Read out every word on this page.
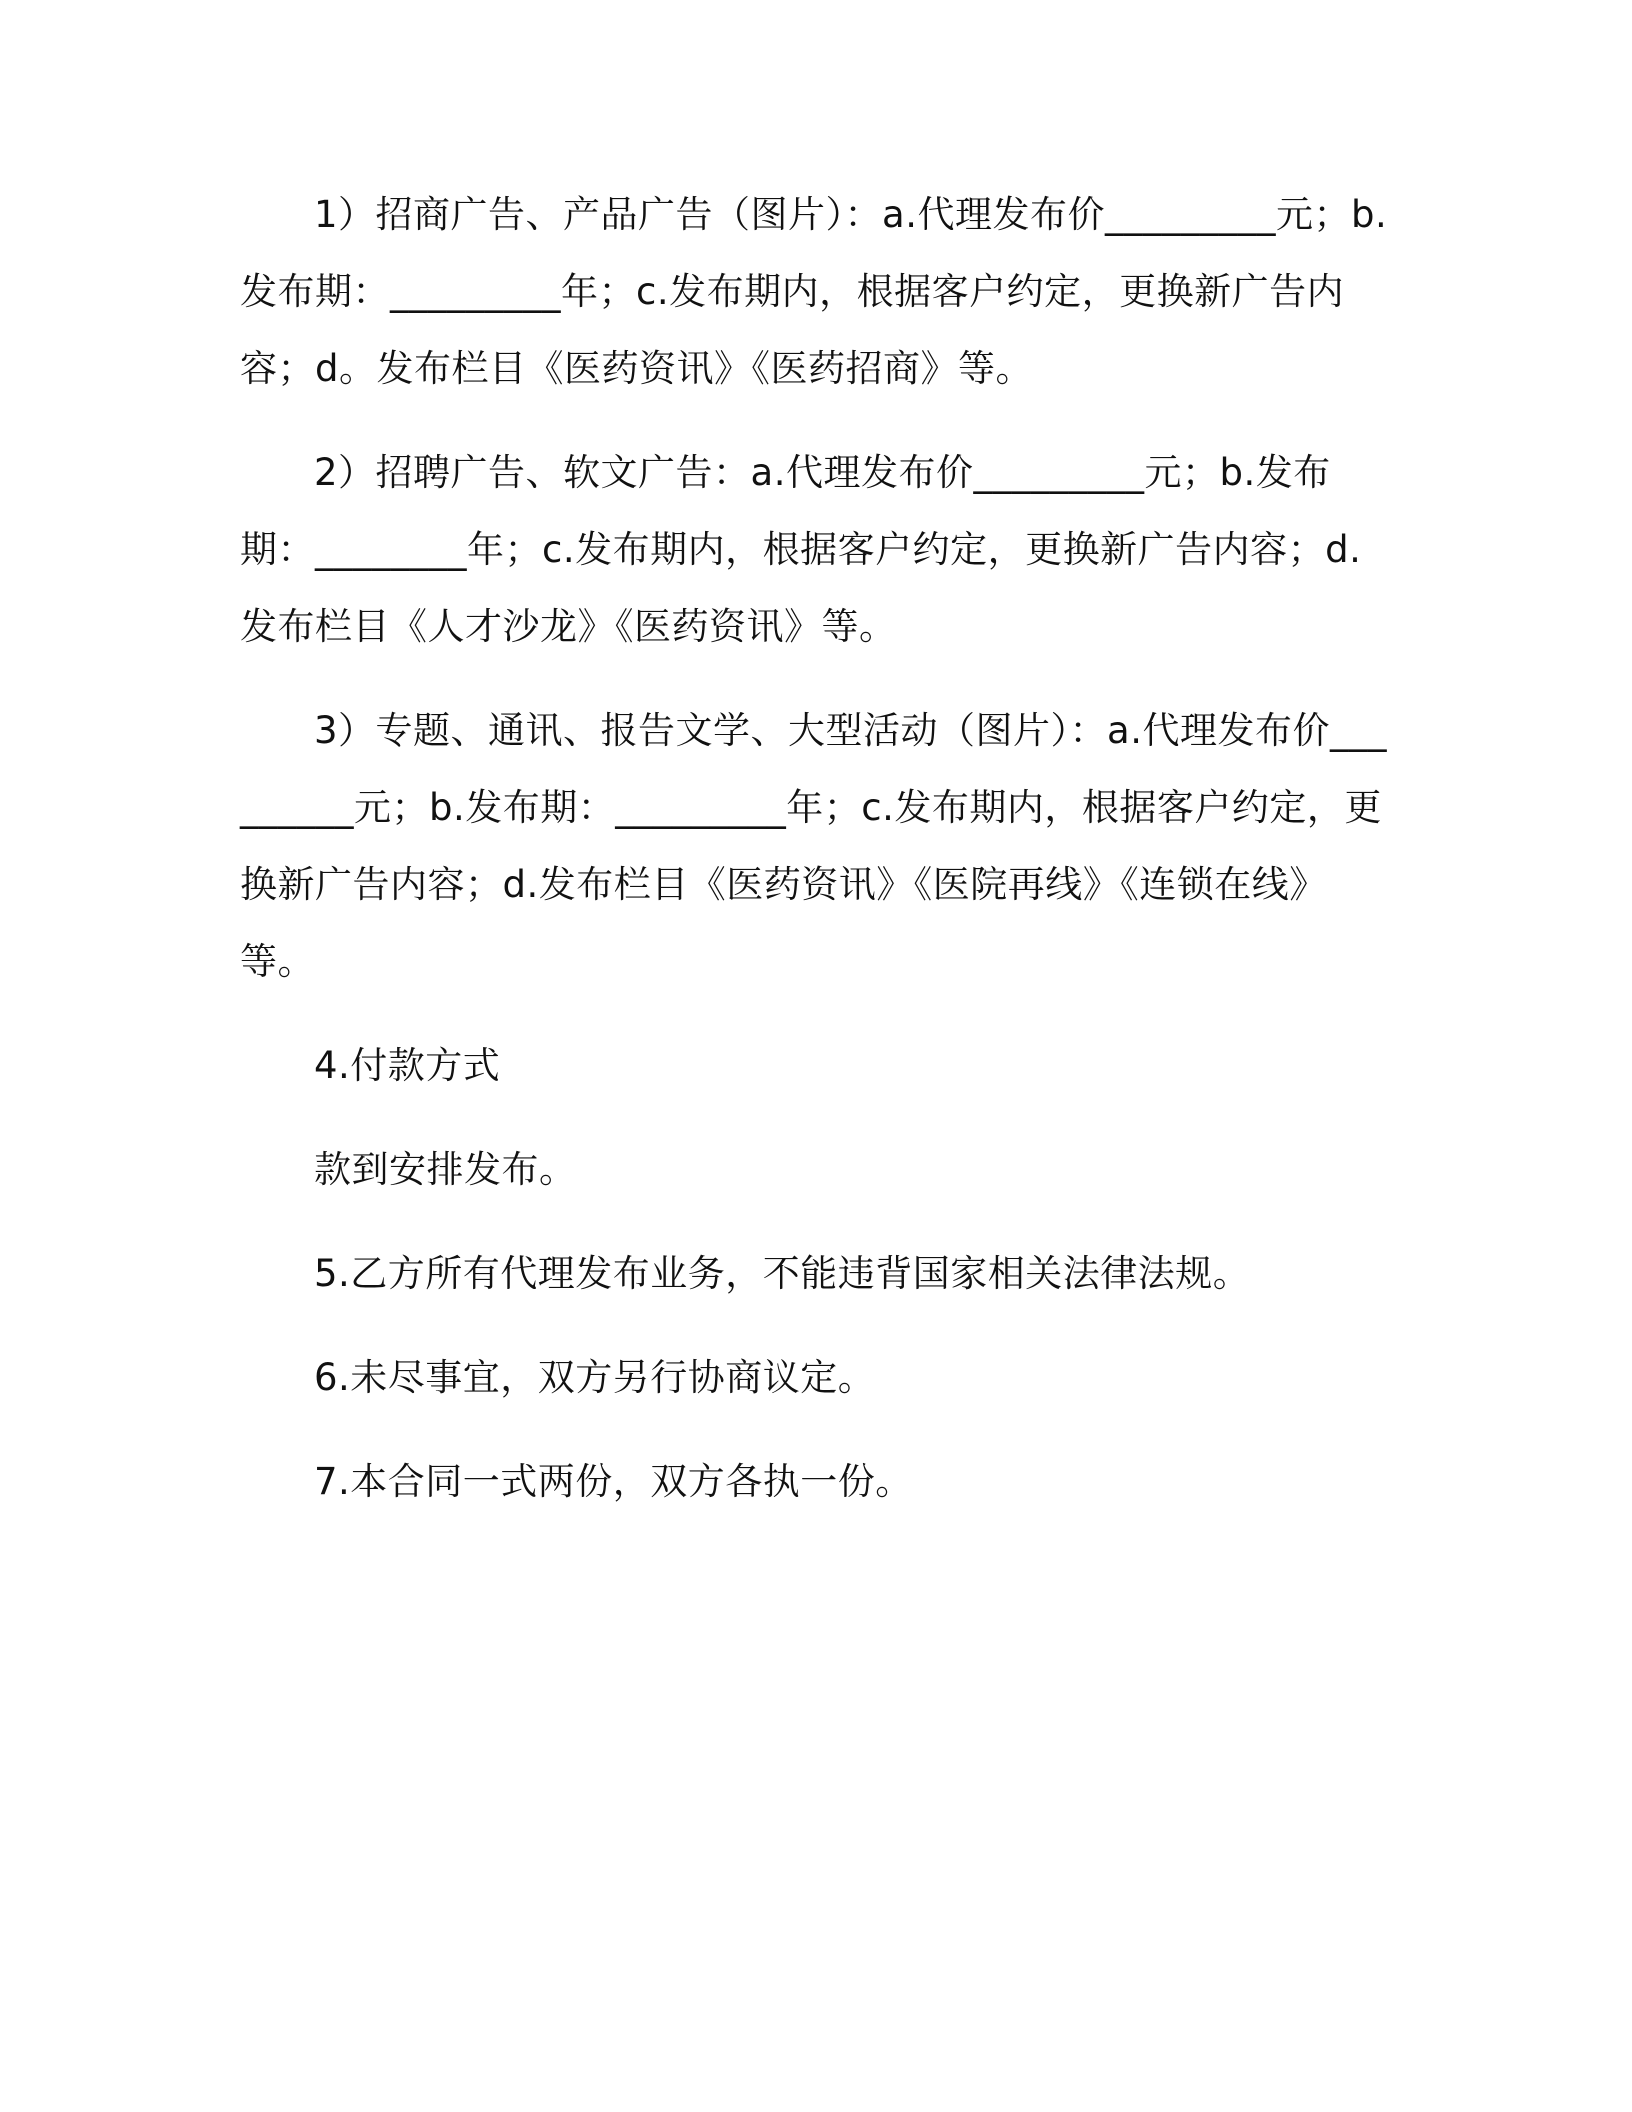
1）招商广告、产品广告（图片）：a.代理发布价_________元；b.发布期：_________年；c.发布期内，根据客户约定，更换新广告内容；d。发布栏目《医药资讯》《医药招商》等。

2）招聘广告、软文广告：a.代理发布价_________元；b.发布期：________年；c.发布期内，根据客户约定，更换新广告内容；d.发布栏目《人才沙龙》《医药资讯》等。

3）专题、通讯、报告文学、大型活动（图片）：a.代理发布价_________元；b.发布期：_________年；c.发布期内，根据客户约定，更换新广告内容；d.发布栏目《医药资讯》《医院再线》《连锁在线》等。

4.付款方式

款到安排发布。

5.乙方所有代理发布业务，不能违背国家相关法律法规。

6.未尽事宜，双方另行协商议定。

7.本合同一式两份，双方各执一份。
